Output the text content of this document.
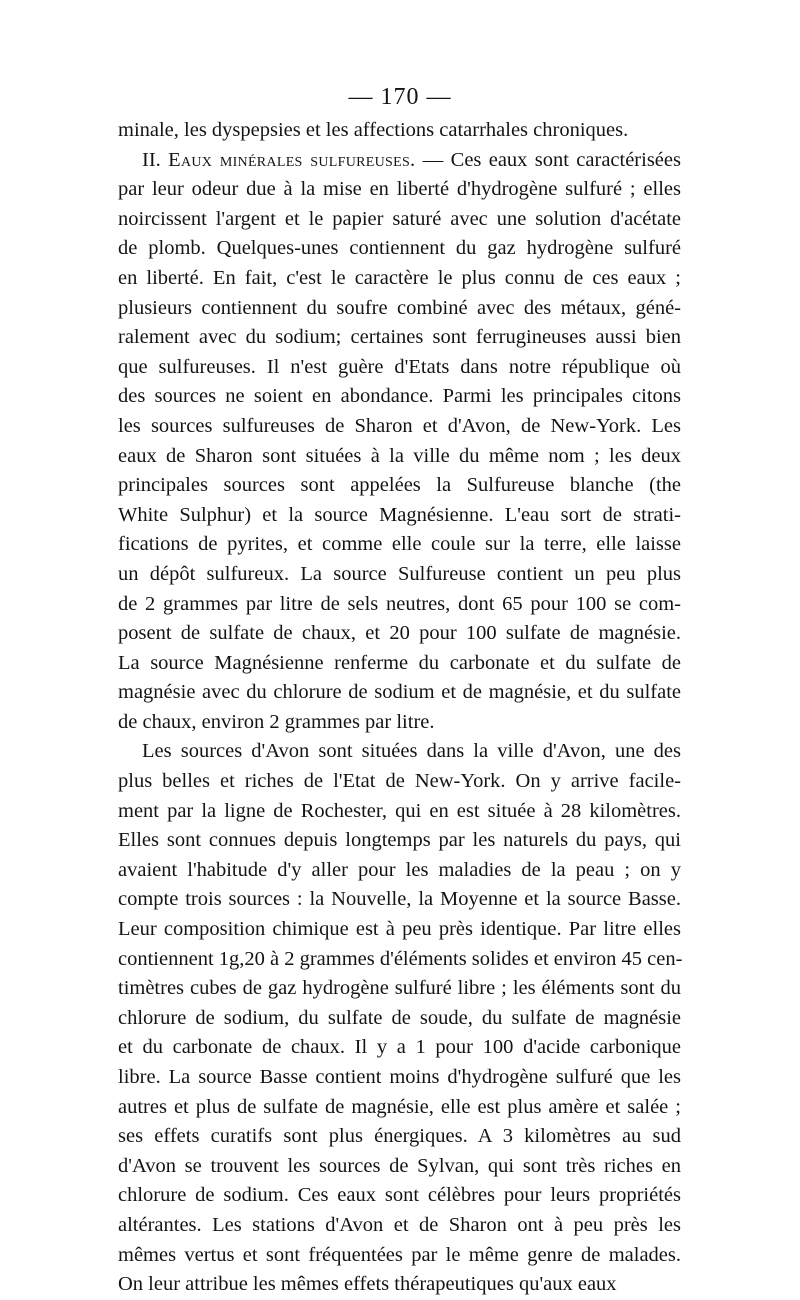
— 170 —
minale, les dyspepsies et les affections catarrhales chroniques.
II. Eaux minérales sulfureuses. — Ces eaux sont caractérisées
par leur odeur due à la mise en liberté d'hydrogène sulfuré ; elles
noircissent l'argent et le papier saturé avec une solution d'acétate
de plomb. Quelques-unes contiennent du gaz hydrogène sulfuré
en liberté. En fait, c'est le caractère le plus connu de ces eaux ;
plusieurs contiennent du soufre combiné avec des métaux, géné-
ralement avec du sodium; certaines sont ferrugineuses aussi bien
que sulfureuses. Il n'est guère d'Etats dans notre république où
des sources ne soient en abondance. Parmi les principales citons
les sources sulfureuses de Sharon et d'Avon, de New-York. Les
eaux de Sharon sont situées à la ville du même nom ; les deux
principales sources sont appelées la Sulfureuse blanche (the
White Sulphur) et la source Magnésienne. L'eau sort de strati-
fications de pyrites, et comme elle coule sur la terre, elle laisse
un dépôt sulfureux. La source Sulfureuse contient un peu plus
de 2 grammes par litre de sels neutres, dont 65 pour 100 se com-
posent de sulfate de chaux, et 20 pour 100 sulfate de magnésie.
La source Magnésienne renferme du carbonate et du sulfate de
magnésie avec du chlorure de sodium et de magnésie, et du sulfate
de chaux, environ 2 grammes par litre.
Les sources d'Avon sont situées dans la ville d'Avon, une des
plus belles et riches de l'Etat de New-York. On y arrive facile-
ment par la ligne de Rochester, qui en est située à 28 kilomètres.
Elles sont connues depuis longtemps par les naturels du pays, qui
avaient l'habitude d'y aller pour les maladies de la peau ; on y
compte trois sources : la Nouvelle, la Moyenne et la source Basse.
Leur composition chimique est à peu près identique. Par litre elles
contiennent 1g,20 à 2 grammes d'éléments solides et environ 45 cen-
timètres cubes de gaz hydrogène sulfuré libre ; les éléments sont du
chlorure de sodium, du sulfate de soude, du sulfate de magnésie
et du carbonate de chaux. Il y a 1 pour 100 d'acide carbonique
libre. La source Basse contient moins d'hydrogène sulfuré que les
autres et plus de sulfate de magnésie, elle est plus amère et salée ;
ses effets curatifs sont plus énergiques. A 3 kilomètres au sud
d'Avon se trouvent les sources de Sylvan, qui sont très riches en
chlorure de sodium. Ces eaux sont célèbres pour leurs propriétés
altérantes. Les stations d'Avon et de Sharon ont à peu près les
mêmes vertus et sont fréquentées par le même genre de malades.
On leur attribue les mêmes effets thérapeutiques qu'aux eaux
